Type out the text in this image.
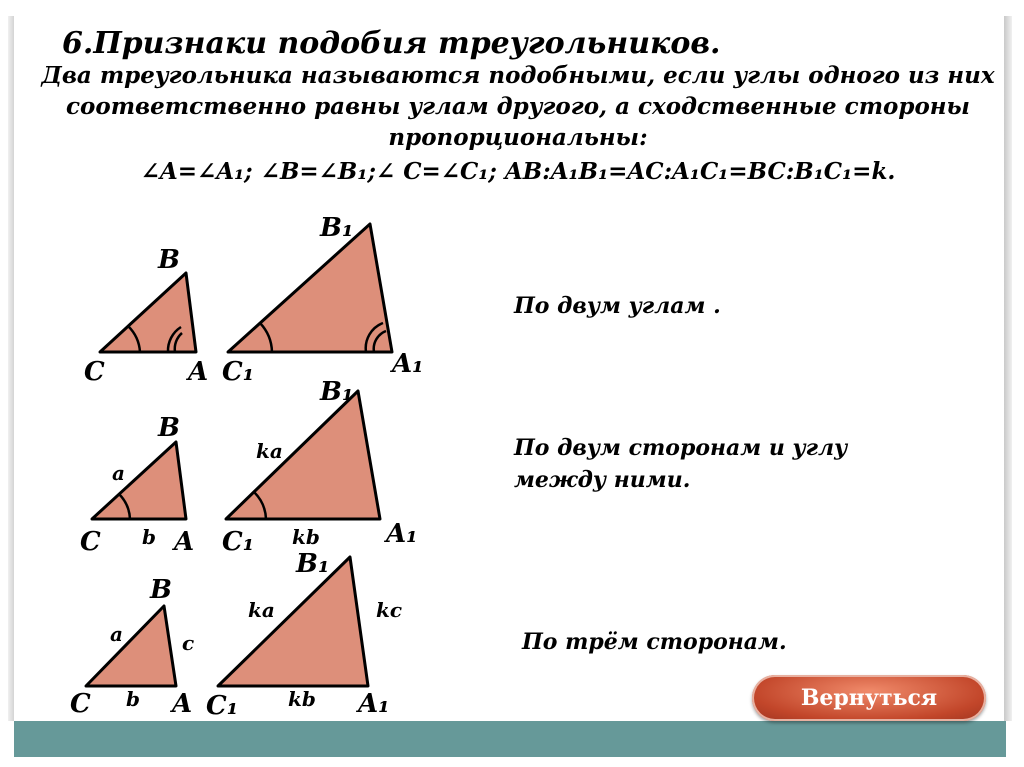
6.Признаки подобия треугольников.
Два треугольника называются подобными, если углы одного из них соответственно равны углам другого, а сходственные стороны пропорциональны:
∠A=∠A₁; ∠B=∠B₁;∠ C=∠C₁; AB:A₁B₁=AC:A₁C₁=BC:B₁C₁=k.
B
C	A
B₁
C₁	A₁
B
C	A
a
b
B₁
C₁	A₁
ka
kb
B
C	A
a	c
b
B₁
C₁	A₁
ka	kc
kb
По двум углам .
По двум сторонам и углу между ними.
По трём сторонам.
Вернуться
